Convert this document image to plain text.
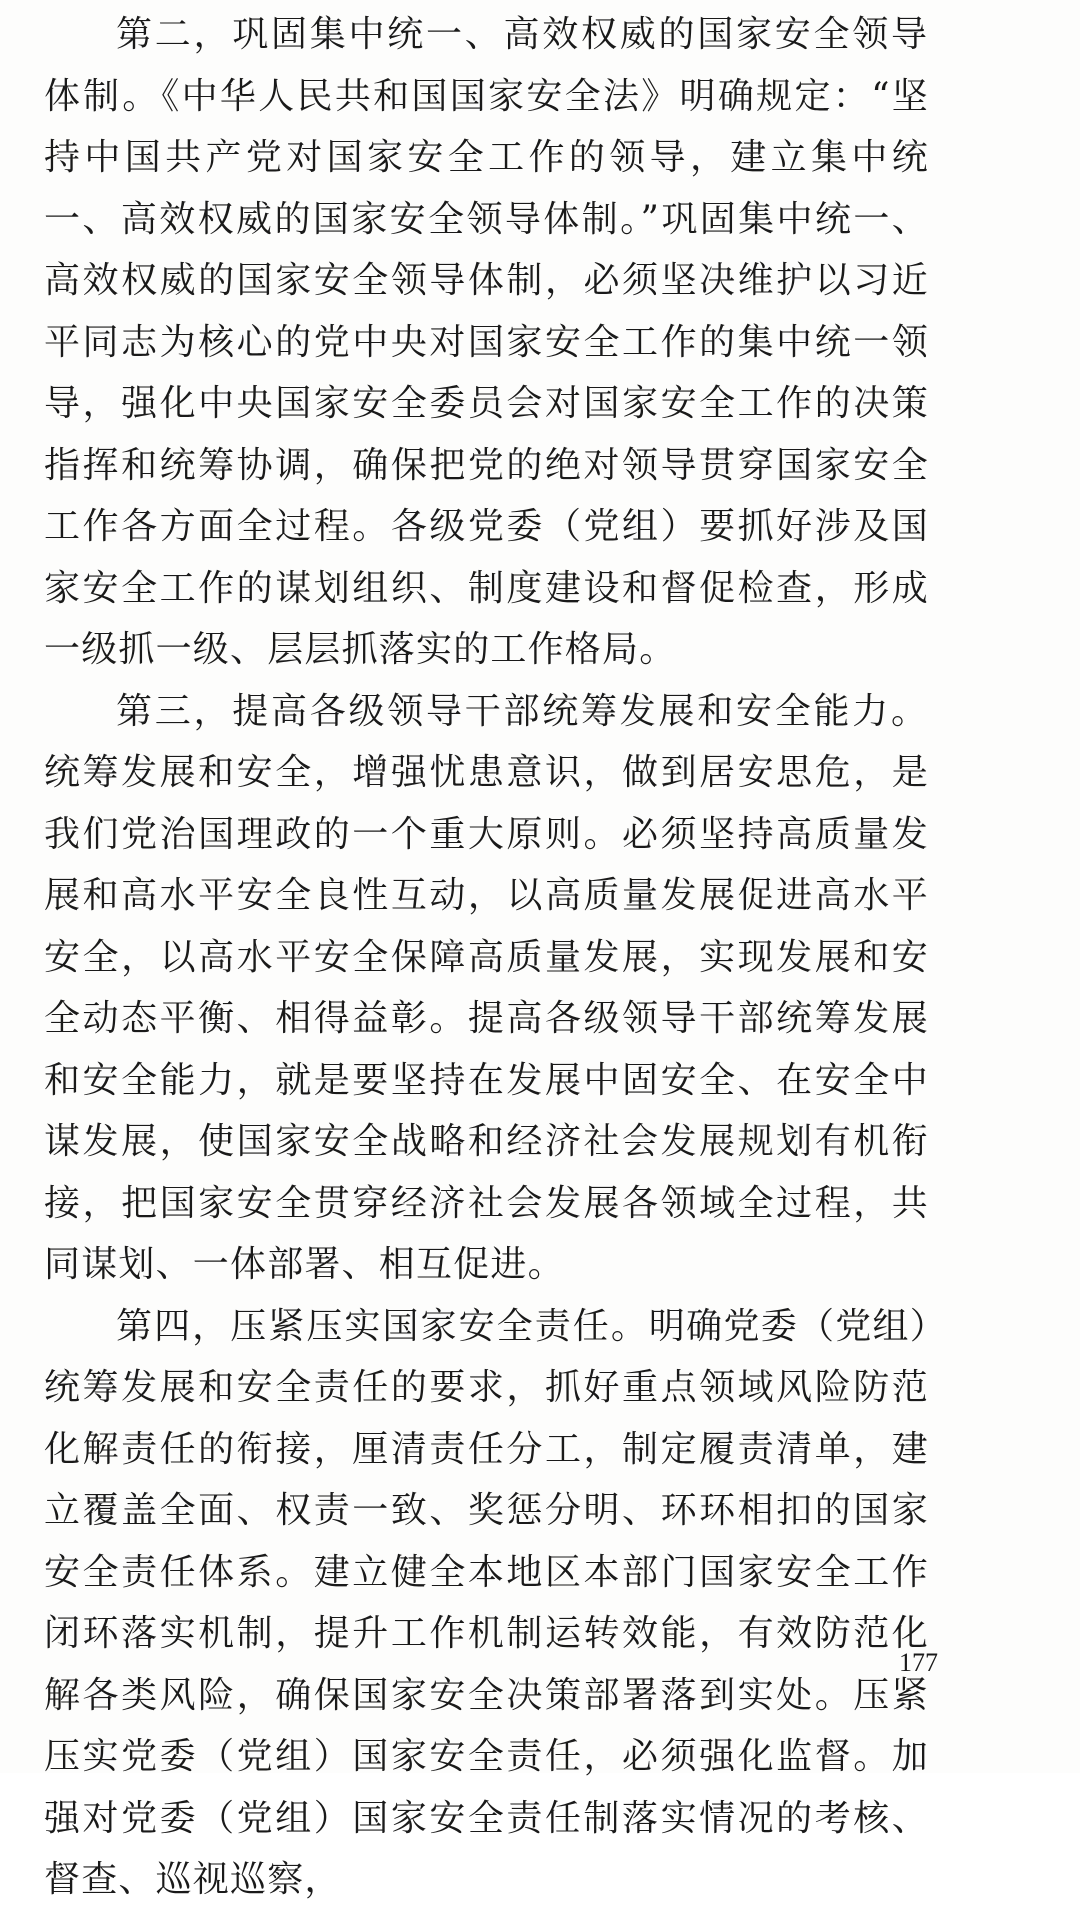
第二，巩固集中统一、高效权威的国家安全领导体制。《中华人民共和国国家安全法》明确规定：“坚持中国共产党对国家安全工作的领导，建立集中统一、高效权威的国家安全领导体制。”巩固集中统一、高效权威的国家安全领导体制，必须坚决维护以习近平同志为核心的党中央对国家安全工作的集中统一领导，强化中央国家安全委员会对国家安全工作的决策指挥和统筹协调，确保把党的绝对领导贯穿国家安全工作各方面全过程。各级党委（党组）要抓好涉及国家安全工作的谋划组织、制度建设和督促检查，形成一级抓一级、层层抓落实的工作格局。

第三，提高各级领导干部统筹发展和安全能力。统筹发展和安全，增强忧患意识，做到居安思危，是我们党治国理政的一个重大原则。必须坚持高质量发展和高水平安全良性互动，以高质量发展促进高水平安全，以高水平安全保障高质量发展，实现发展和安全动态平衡、相得益彰。提高各级领导干部统筹发展和安全能力，就是要坚持在发展中固安全、在安全中谋发展，使国家安全战略和经济社会发展规划有机衔接，把国家安全贯穿经济社会发展各领域全过程，共同谋划、一体部署、相互促进。

第四，压紧压实国家安全责任。明确党委（党组）统筹发展和安全责任的要求，抓好重点领域风险防范化解责任的衔接，厘清责任分工，制定履责清单，建立覆盖全面、权责一致、奖惩分明、环环相扣的国家安全责任体系。建立健全本地区本部门国家安全工作闭环落实机制，提升工作机制运转效能，有效防范化解各类风险，确保国家安全决策部署落到实处。压紧压实党委（党组）国家安全责任，必须强化监督。加强对党委（党组）国家安全责任制落实情况的考核、督查、巡视巡察，

177
